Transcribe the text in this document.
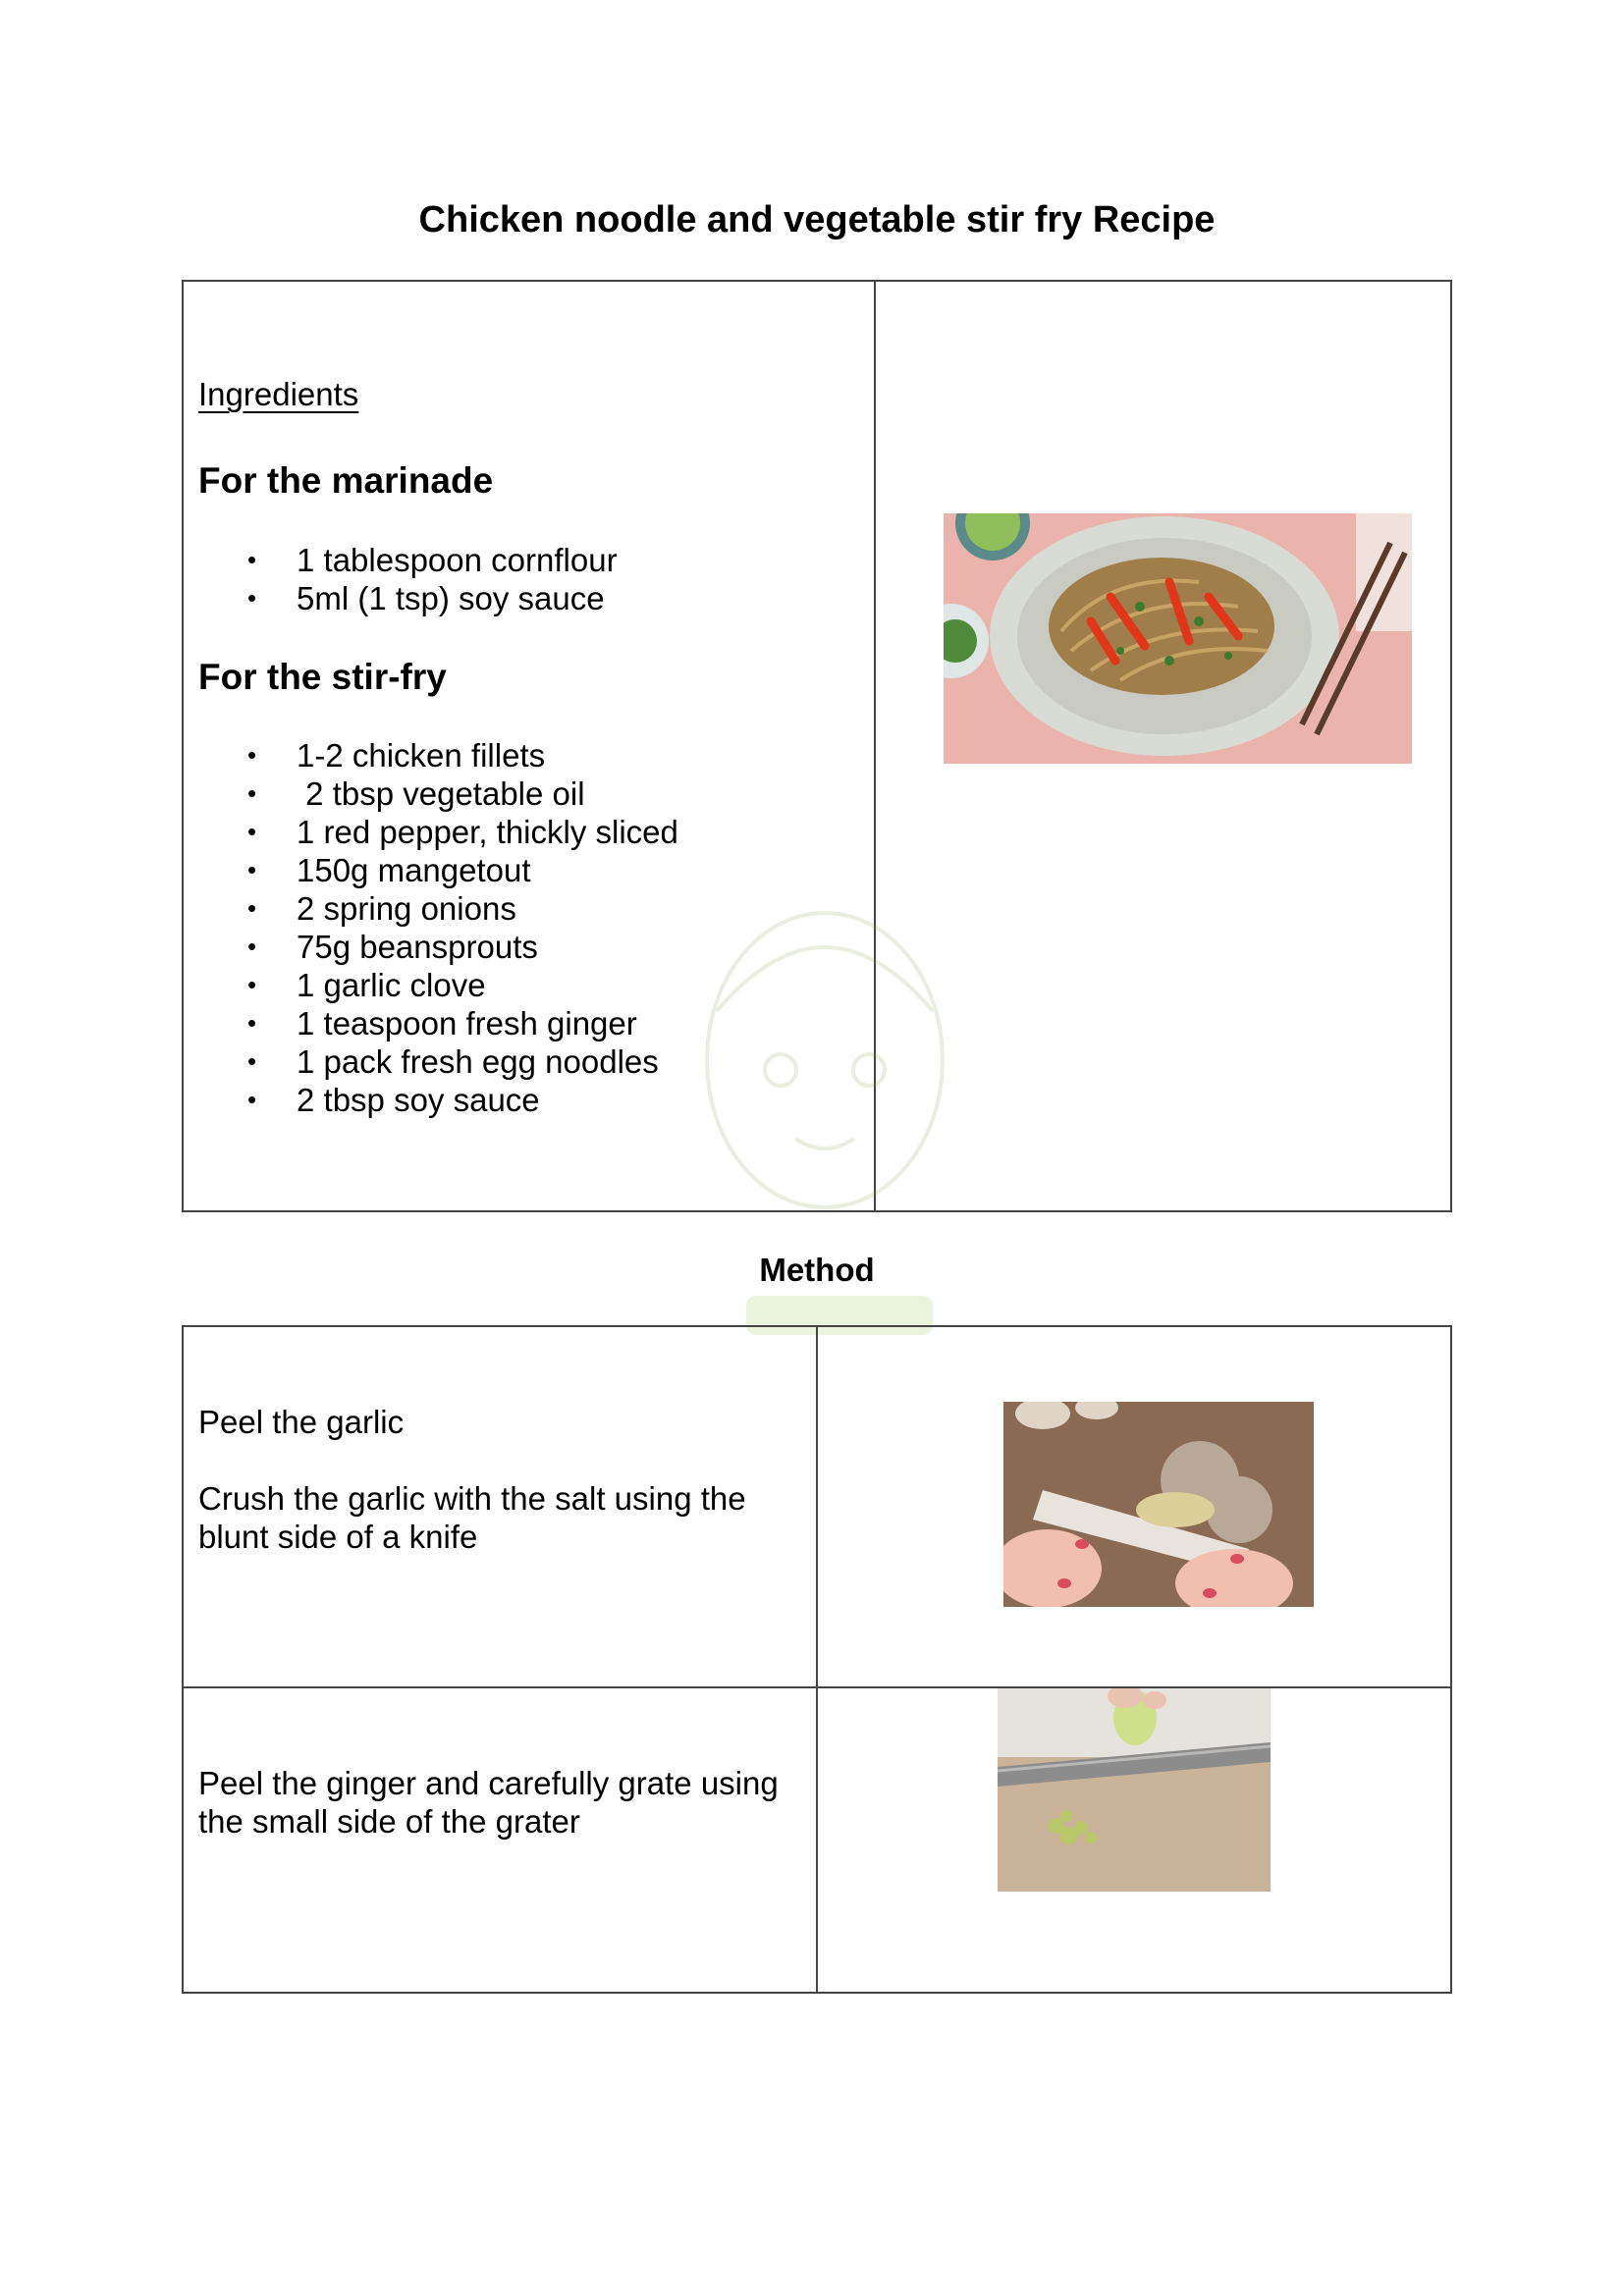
Chicken noodle and vegetable stir fry Recipe
Ingredients
For the marinade
• 1 tablespoon cornflour
• 5ml (1 tsp) soy sauce
For the stir-fry
• 1-2 chicken fillets
•  2 tbsp vegetable oil
• 1 red pepper, thickly sliced
• 150g mangetout
• 2 spring onions
• 75g beansprouts
• 1 garlic clove
• 1 teaspoon fresh ginger
• 1 pack fresh egg noodles
• 2 tbsp soy sauce
Method
Peel the garlic
Crush the garlic with the salt using the blunt side of a knife
Peel the ginger and carefully grate using the small side of the grater
